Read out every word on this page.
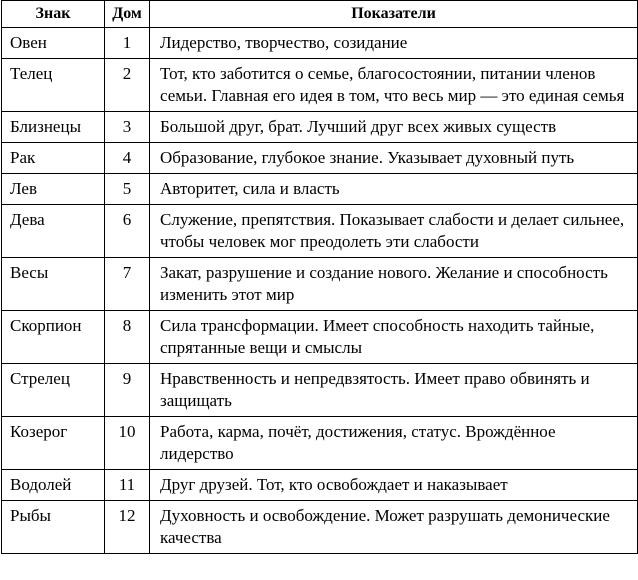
Знак	Дом	Показатели
Овен	1	Лидерство, творчество, созидание
Телец	2	Тот, кто заботится о семье, благосостоянии, питании членов семьи. Главная его идея в том, что весь мир — это единая семья
Близнецы	3	Большой друг, брат. Лучший друг всех живых существ
Рак	4	Образование, глубокое знание. Указывает духовный путь
Лев	5	Авторитет, сила и власть
Дева	6	Служение, препятствия. Показывает слабости и делает сильнее, чтобы человек мог преодолеть эти слабости
Весы	7	Закат, разрушение и создание нового. Желание и способность изменить этот мир
Скорпион	8	Сила трансформации. Имеет способность находить тайные, спрятанные вещи и смыслы
Стрелец	9	Нравственность и непредвзятость. Имеет право обвинять и защищать
Козерог	10	Работа, карма, почёт, достижения, статус. Врождённое лидерство
Водолей	11	Друг друзей. Тот, кто освобождает и наказывает
Рыбы	12	Духовность и освобождение. Может разрушать демонические качества
